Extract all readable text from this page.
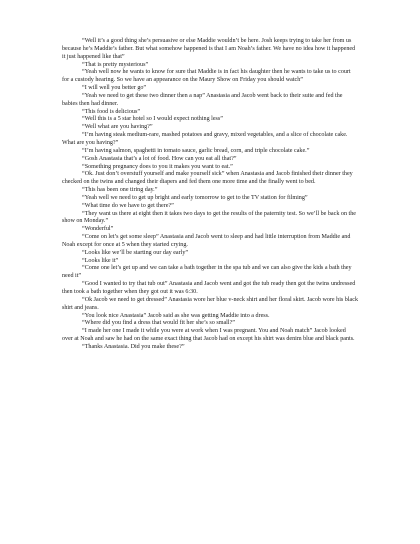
“Well it’s a good thing she’s persuasive or else Maddie wouldn’t be here. Josh keeps trying to take her from us because he’s Maddie’s father. But what somehow happened is that I am Noah’s father. We have no idea how it happened it just happened like that”

“That is pretty mysterious”

“Yeah well now he wants to know for sure that Maddie is in fact his daughter then he wants to take us to court for a custody hearing. So we have an appearance on the Maury Show on Friday you should watch”

“I will well you better go”

“Yeah we need to get these two dinner then a nap” Anastasia and Jacob went back to their suite and fed the babies then had dinner.

“This food is delicious”

“Well this is a 5 star hotel so I would expect nothing less”

“Well what are you having?”

“I’m having steak medium-rare, mashed potatoes and gravy, mixed vegetables, and a slice of chocolate cake. What are you having?”

“I’m having salmon, spaghetti in tomato sauce, garlic bread, corn, and triple chocolate cake.”

“Gosh Anastasia that’s a lot of food. How can you eat all that?”

“Something pregnancy does to you it makes you want to eat.”

“Ok. Just don’t overstuff yourself and make yourself sick” when Anastasia and Jacob finished their dinner they checked on the twins and changed their diapers and fed them one more time and the finally went to bed.

“This has been one tiring day.”

“Yeah well we need to get up bright and early tomorrow to get to the TV station for filming”

“What time do we have to get there?”

“They want us there at eight then it takes two days to get the results of the paternity test. So we’ll be back on the show on Monday.”

“Wonderful”

“Come on let’s get some sleep” Anastasia and Jacob went to sleep and had little interruption from Maddie and Noah except for once at 5 when they started crying.

“Looks like we’ll be starting our day early”

“Looks like it”

“Come one let’s get up and we can take a bath together in the spa tub and we can also give the kids a bath they need it”

“Good I wanted to try that tub out” Anastasia and Jacob went and got the tub ready then got the twins undressed then took a bath together when they got out it was 6:30.

“Ok Jacob we need to get dressed” Anastasia wore her blue v-neck shirt and her floral skirt. Jacob wore his black shirt and jeans.

“You look nice Anastasia” Jacob said as she was getting Maddie into a dress.

“Where did you find a dress that would fit her she’s so small?”

“I made her one I made it while you were at work when I was pregnant. You and Noah match” Jacob looked over at Noah and saw he had on the same exact thing that Jacob had on except his shirt was denim blue and black pants.

“Thanks Anastasia. Did you make these?”
